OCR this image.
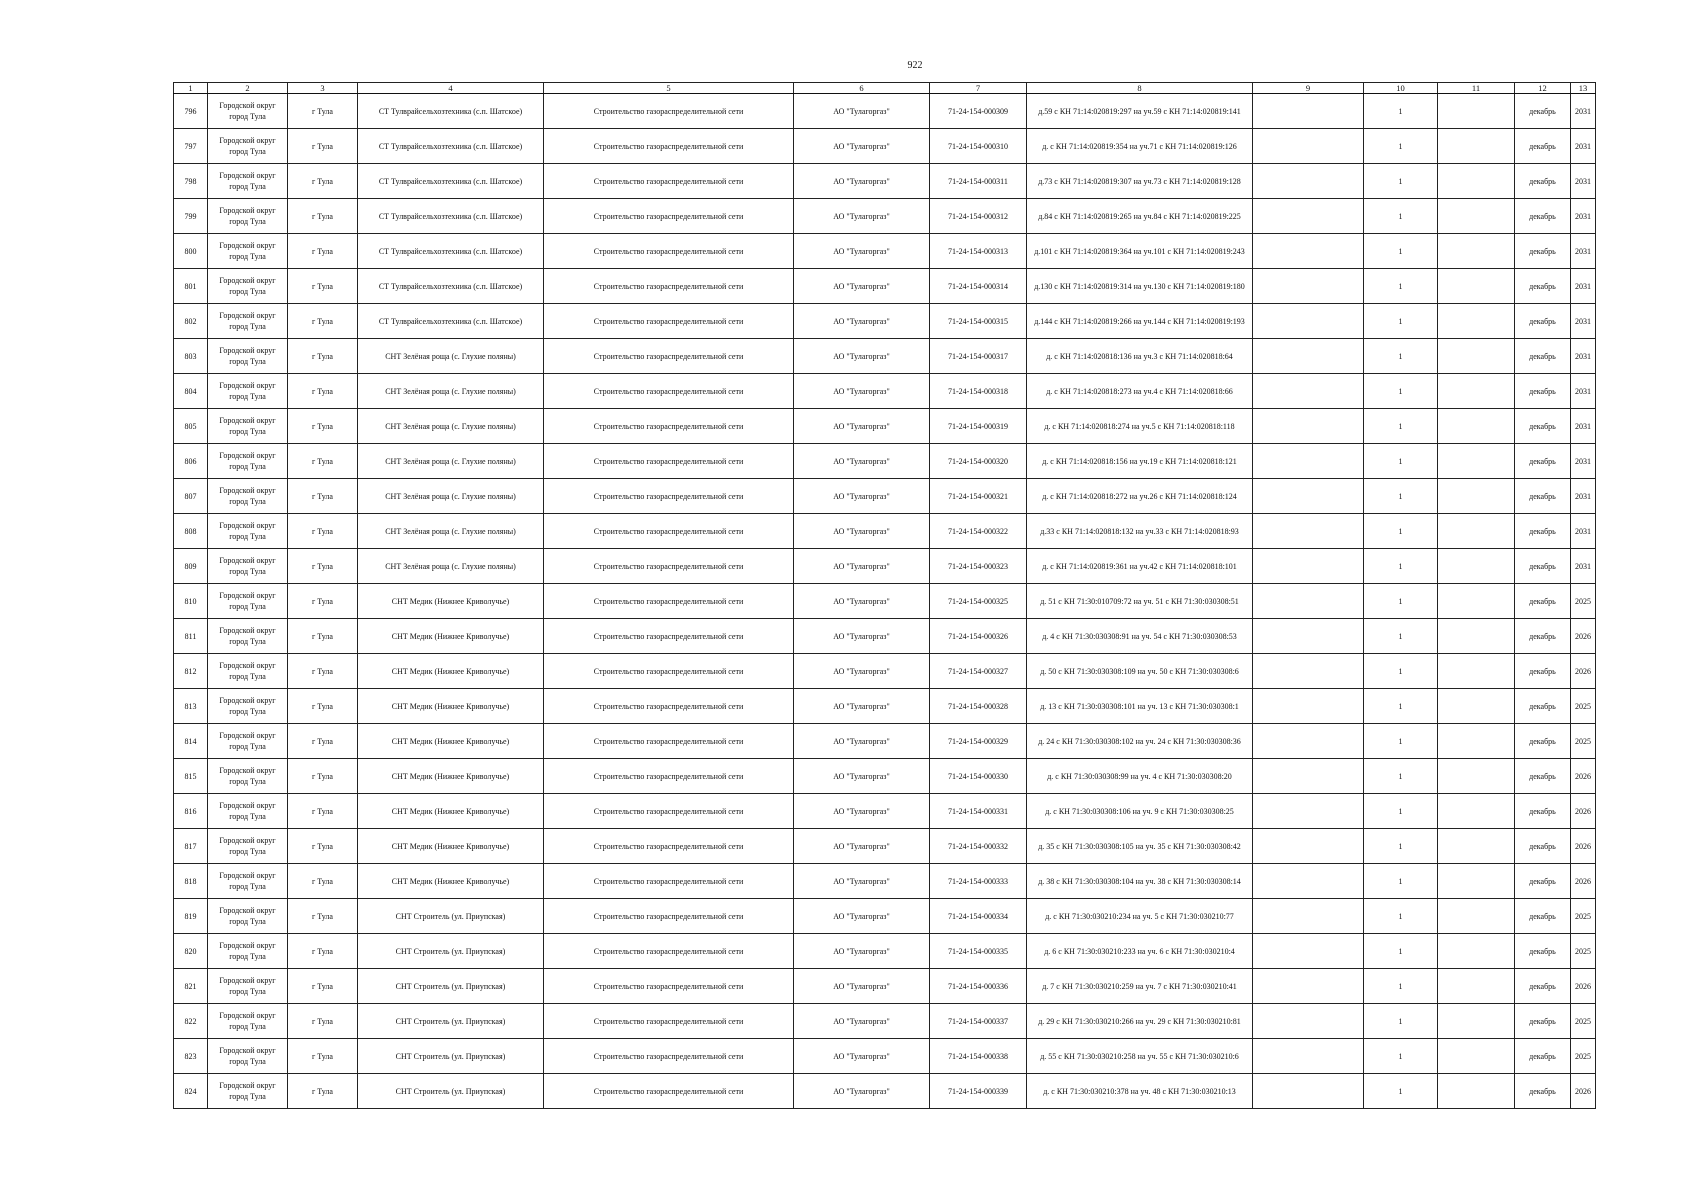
922
1	2	3	4	5	6	7	8	9	10	11	12	13
796	Городской округ город Тула	г Тула	СТ Тулврайсельхозтехника (с.п. Шатское)	Строительство газораспределительной сети	АО "Тулагоргаз"	71-24-154-000309	д.59 с КН 71:14:020819:297 на уч.59 с КН 71:14:020819:141		1		декабрь	2031
797	Городской округ город Тула	г Тула	СТ Тулврайсельхозтехника (с.п. Шатское)	Строительство газораспределительной сети	АО "Тулагоргаз"	71-24-154-000310	д. с КН 71:14:020819:354 на уч.71 с КН 71:14:020819:126		1		декабрь	2031
798	Городской округ город Тула	г Тула	СТ Тулврайсельхозтехника (с.п. Шатское)	Строительство газораспределительной сети	АО "Тулагоргаз"	71-24-154-000311	д.73 с КН 71:14:020819:307 на уч.73 с КН 71:14:020819:128		1		декабрь	2031
799	Городской округ город Тула	г Тула	СТ Тулврайсельхозтехника (с.п. Шатское)	Строительство газораспределительной сети	АО "Тулагоргаз"	71-24-154-000312	д.84 с КН 71:14:020819:265 на уч.84 с КН 71:14:020819:225		1		декабрь	2031
800	Городской округ город Тула	г Тула	СТ Тулврайсельхозтехника (с.п. Шатское)	Строительство газораспределительной сети	АО "Тулагоргаз"	71-24-154-000313	д.101 с КН 71:14:020819:364 на уч.101 с КН 71:14:020819:243		1		декабрь	2031
801	Городской округ город Тула	г Тула	СТ Тулврайсельхозтехника (с.п. Шатское)	Строительство газораспределительной сети	АО "Тулагоргаз"	71-24-154-000314	д.130 с КН 71:14:020819:314 на уч.130 с КН 71:14:020819:180		1		декабрь	2031
802	Городской округ город Тула	г Тула	СТ Тулврайсельхозтехника (с.п. Шатское)	Строительство газораспределительной сети	АО "Тулагоргаз"	71-24-154-000315	д.144 с КН 71:14:020819:266 на уч.144 с КН 71:14:020819:193		1		декабрь	2031
803	Городской округ город Тула	г Тула	СНТ Зелёная роща (с. Глухие поляны)	Строительство газораспределительной сети	АО "Тулагоргаз"	71-24-154-000317	д. с КН 71:14:020818:136 на уч.3 с КН 71:14:020818:64		1		декабрь	2031
804	Городской округ город Тула	г Тула	СНТ Зелёная роща (с. Глухие поляны)	Строительство газораспределительной сети	АО "Тулагоргаз"	71-24-154-000318	д. с КН 71:14:020818:273 на уч.4 с КН 71:14:020818:66		1		декабрь	2031
805	Городской округ город Тула	г Тула	СНТ Зелёная роща (с. Глухие поляны)	Строительство газораспределительной сети	АО "Тулагоргаз"	71-24-154-000319	д. с КН 71:14:020818:274 на уч.5 с КН 71:14:020818:118		1		декабрь	2031
806	Городской округ город Тула	г Тула	СНТ Зелёная роща (с. Глухие поляны)	Строительство газораспределительной сети	АО "Тулагоргаз"	71-24-154-000320	д. с КН 71:14:020818:156 на уч.19 с КН 71:14:020818:121		1		декабрь	2031
807	Городской округ город Тула	г Тула	СНТ Зелёная роща (с. Глухие поляны)	Строительство газораспределительной сети	АО "Тулагоргаз"	71-24-154-000321	д. с КН 71:14:020818:272 на уч.26 с КН 71:14:020818:124		1		декабрь	2031
808	Городской округ город Тула	г Тула	СНТ Зелёная роща (с. Глухие поляны)	Строительство газораспределительной сети	АО "Тулагоргаз"	71-24-154-000322	д.33 с КН 71:14:020818:132 на уч.33 с КН 71:14:020818:93		1		декабрь	2031
809	Городской округ город Тула	г Тула	СНТ Зелёная роща (с. Глухие поляны)	Строительство газораспределительной сети	АО "Тулагоргаз"	71-24-154-000323	д. с КН 71:14:020819:361 на уч.42 с КН 71:14:020818:101		1		декабрь	2031
810	Городской округ город Тула	г Тула	СНТ Медик (Нижнее Криволучье)	Строительство газораспределительной сети	АО "Тулагоргаз"	71-24-154-000325	д. 51 с КН 71:30:010709:72 на уч. 51 с КН 71:30:030308:51		1		декабрь	2025
811	Городской округ город Тула	г Тула	СНТ Медик (Нижнее Криволучье)	Строительство газораспределительной сети	АО "Тулагоргаз"	71-24-154-000326	д. 4 с КН 71:30:030308:91 на уч. 54 с КН 71:30:030308:53		1		декабрь	2026
812	Городской округ город Тула	г Тула	СНТ Медик (Нижнее Криволучье)	Строительство газораспределительной сети	АО "Тулагоргаз"	71-24-154-000327	д. 50 с КН 71:30:030308:109 на уч. 50 с КН 71:30:030308:6		1		декабрь	2026
813	Городской округ город Тула	г Тула	СНТ Медик (Нижнее Криволучье)	Строительство газораспределительной сети	АО "Тулагоргаз"	71-24-154-000328	д. 13 с КН 71:30:030308:101 на уч. 13 с КН 71:30:030308:1		1		декабрь	2025
814	Городской округ город Тула	г Тула	СНТ Медик (Нижнее Криволучье)	Строительство газораспределительной сети	АО "Тулагоргаз"	71-24-154-000329	д. 24 с КН 71:30:030308:102 на уч. 24 с КН 71:30:030308:36		1		декабрь	2025
815	Городской округ город Тула	г Тула	СНТ Медик (Нижнее Криволучье)	Строительство газораспределительной сети	АО "Тулагоргаз"	71-24-154-000330	д. с КН 71:30:030308:99 на уч. 4 с КН 71:30:030308:20		1		декабрь	2026
816	Городской округ город Тула	г Тула	СНТ Медик (Нижнее Криволучье)	Строительство газораспределительной сети	АО "Тулагоргаз"	71-24-154-000331	д. с КН 71:30:030308:106 на уч. 9 с КН 71:30:030308:25		1		декабрь	2026
817	Городской округ город Тула	г Тула	СНТ Медик (Нижнее Криволучье)	Строительство газораспределительной сети	АО "Тулагоргаз"	71-24-154-000332	д. 35 с КН 71:30:030308:105 на уч. 35 с КН 71:30:030308:42		1		декабрь	2026
818	Городской округ город Тула	г Тула	СНТ Медик (Нижнее Криволучье)	Строительство газораспределительной сети	АО "Тулагоргаз"	71-24-154-000333	д. 38 с КН 71:30:030308:104 на уч. 38 с КН 71:30:030308:14		1		декабрь	2026
819	Городской округ город Тула	г Тула	СНТ Строитель (ул. Приупская)	Строительство газораспределительной сети	АО "Тулагоргаз"	71-24-154-000334	д. с КН 71:30:030210:234 на уч. 5 с КН 71:30:030210:77		1		декабрь	2025
820	Городской округ город Тула	г Тула	СНТ Строитель (ул. Приупская)	Строительство газораспределительной сети	АО "Тулагоргаз"	71-24-154-000335	д. 6 с КН 71:30:030210:233 на уч. 6 с КН 71:30:030210:4		1		декабрь	2025
821	Городской округ город Тула	г Тула	СНТ Строитель (ул. Приупская)	Строительство газораспределительной сети	АО "Тулагоргаз"	71-24-154-000336	д. 7 с КН 71:30:030210:259 на уч. 7 с КН 71:30:030210:41		1		декабрь	2026
822	Городской округ город Тула	г Тула	СНТ Строитель (ул. Приупская)	Строительство газораспределительной сети	АО "Тулагоргаз"	71-24-154-000337	д. 29 с КН 71:30:030210:266 на уч. 29 с КН 71:30:030210:81		1		декабрь	2025
823	Городской округ город Тула	г Тула	СНТ Строитель (ул. Приупская)	Строительство газораспределительной сети	АО "Тулагоргаз"	71-24-154-000338	д. 55 с КН 71:30:030210:258 на уч. 55 с КН 71:30:030210:6		1		декабрь	2025
824	Городской округ город Тула	г Тула	СНТ Строитель (ул. Приупская)	Строительство газораспределительной сети	АО "Тулагоргаз"	71-24-154-000339	д. с КН 71:30:030210:378 на уч. 48 с КН 71:30:030210:13		1		декабрь	2026
